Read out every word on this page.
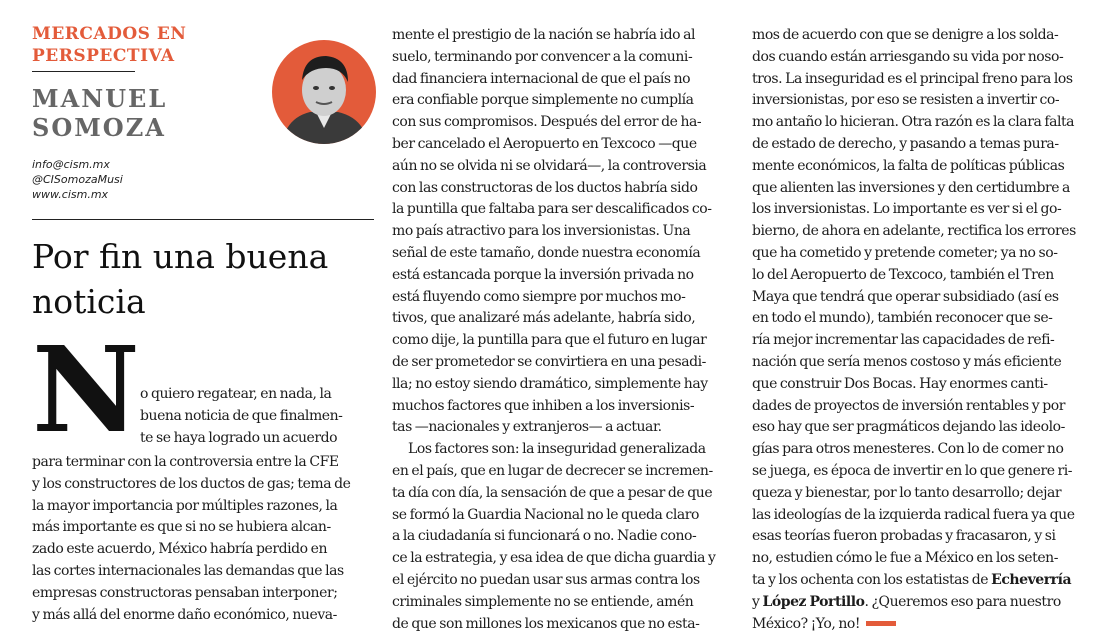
MERCADOS EN PERSPECTIVA
MANUEL SOMOZA
info@cism.mx
@CISomozaMusi
www.cism.mx
Por fin una buena noticia
N o quiero regatear, en nada, la
buena noticia de que finalmen-
te se haya logrado un acuerdo
para terminar con la controversia entre la CFE
y los constructores de los ductos de gas; tema de
la mayor importancia por múltiples razones, la
más importante es que si no se hubiera alcan-
zado este acuerdo, México habría perdido en
las cortes internacionales las demandas que las
empresas constructoras pensaban interponer;
y más allá del enorme daño económico, nueva-
mente el prestigio de la nación se habría ido al
suelo, terminando por convencer a la comuni-
dad financiera internacional de que el país no
era confiable porque simplemente no cumplía
con sus compromisos. Después del error de ha-
ber cancelado el Aeropuerto en Texcoco —que
aún no se olvida ni se olvidará—, la controversia
con las constructoras de los ductos habría sido
la puntilla que faltaba para ser descalificados co-
mo país atractivo para los inversionistas. Una
señal de este tamaño, donde nuestra economía
está estancada porque la inversión privada no
está fluyendo como siempre por muchos mo-
tivos, que analizaré más adelante, habría sido,
como dije, la puntilla para que el futuro en lugar
de ser prometedor se convirtiera en una pesadi-
lla; no estoy siendo dramático, simplemente hay
muchos factores que inhiben a los inversionis-
tas —nacionales y extranjeros— a actuar.
Los factores son: la inseguridad generalizada
en el país, que en lugar de decrecer se incremen-
ta día con día, la sensación de que a pesar de que
se formó la Guardia Nacional no le queda claro
a la ciudadanía si funcionará o no. Nadie cono-
ce la estrategia, y esa idea de que dicha guardia y
el ejército no puedan usar sus armas contra los
criminales simplemente no se entiende, amén
de que son millones los mexicanos que no esta-
mos de acuerdo con que se denigre a los solda-
dos cuando están arriesgando su vida por noso-
tros. La inseguridad es el principal freno para los
inversionistas, por eso se resisten a invertir co-
mo antaño lo hicieran. Otra razón es la clara falta
de estado de derecho, y pasando a temas pura-
mente económicos, la falta de políticas públicas
que alienten las inversiones y den certidumbre a
los inversionistas. Lo importante es ver si el go-
bierno, de ahora en adelante, rectifica los errores
que ha cometido y pretende cometer; ya no so-
lo del Aeropuerto de Texcoco, también el Tren
Maya que tendrá que operar subsidiado (así es
en todo el mundo), también reconocer que se-
ría mejor incrementar las capacidades de refi-
nación que sería menos costoso y más eficiente
que construir Dos Bocas. Hay enormes canti-
dades de proyectos de inversión rentables y por
eso hay que ser pragmáticos dejando las ideolo-
gías para otros menesteres. Con lo de comer no
se juega, es época de invertir en lo que genere ri-
queza y bienestar, por lo tanto desarrollo; dejar
las ideologías de la izquierda radical fuera ya que
esas teorías fueron probadas y fracasaron, y si
no, estudien cómo le fue a México en los seten-
ta y los ochenta con los estatistas de Echeverría
y López Portillo. ¿Queremos eso para nuestro
México? ¡Yo, no!
